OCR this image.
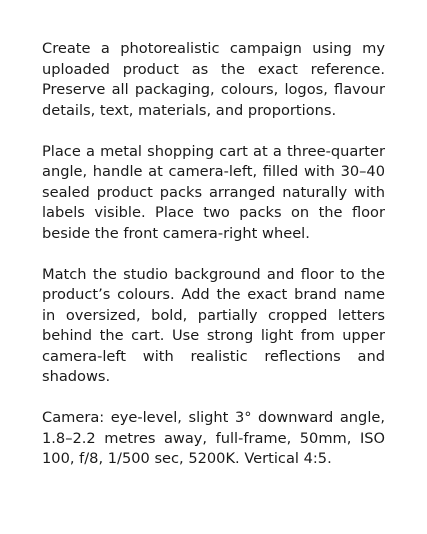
Create a photorealistic campaign using my uploaded product as the exact reference. Preserve all packaging, colours, logos, flavour details, text, materials, and proportions.

Place a metal shopping cart at a three-quarter angle, handle at camera-left, filled with 30–40 sealed product packs arranged naturally with labels visible. Place two packs on the floor beside the front camera-right wheel.

Match the studio background and floor to the product’s colours. Add the exact brand name in oversized, bold, partially cropped letters behind the cart. Use strong light from upper camera-left with realistic reflections and shadows.

Camera: eye-level, slight 3° downward angle, 1.8–2.2 metres away, full-frame, 50mm, ISO 100, f/8, 1/500 sec, 5200K. Vertical 4:5.
